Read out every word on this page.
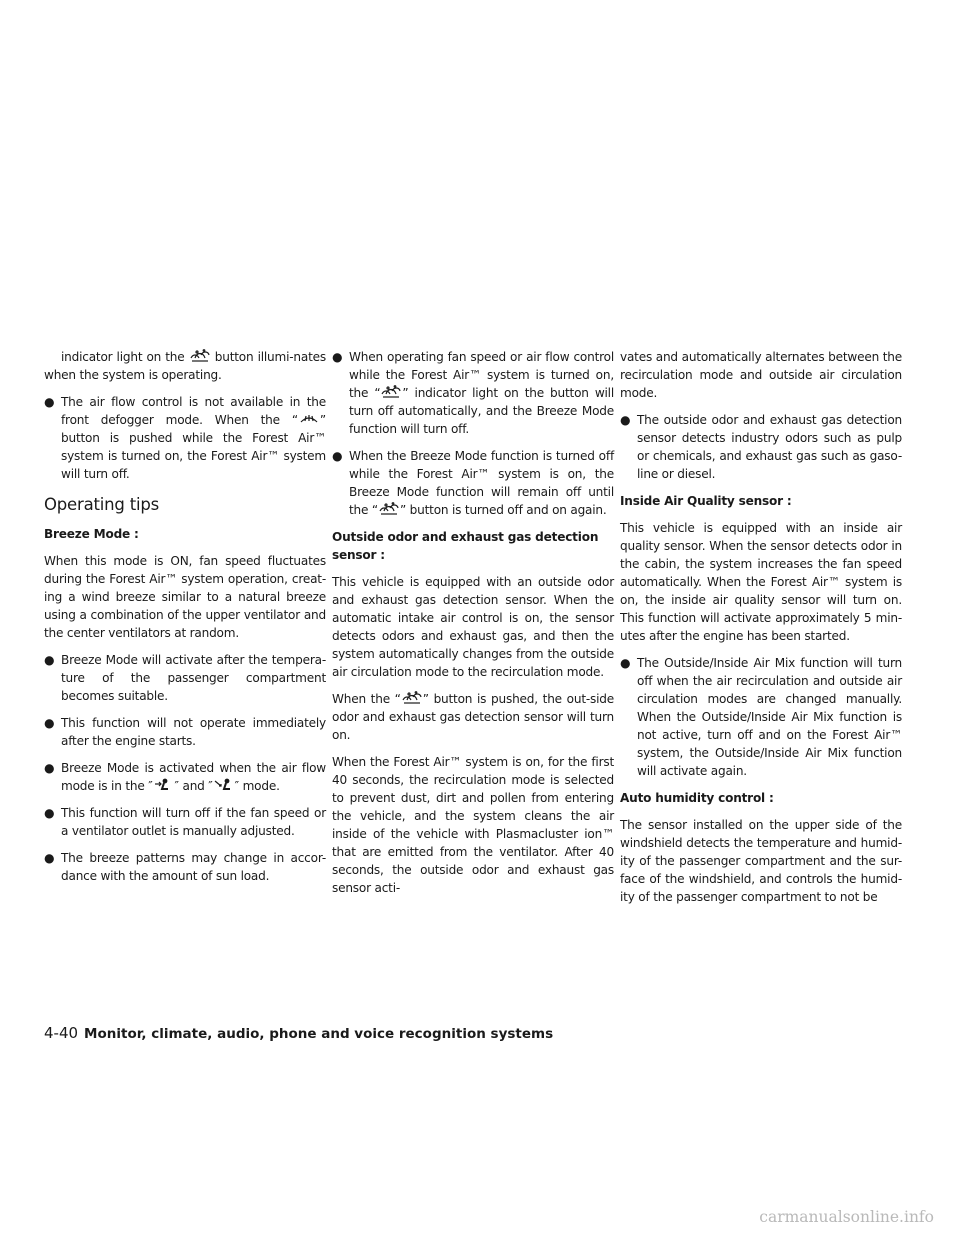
indicator light on the	button illumi-nates when the system is operating.

● The air flow control is not available in the front defogger mode. When the “ ” button is pushed while the Forest Air™ system is turned on, the Forest Air™ system will turn off.
Operating tips
Breeze Mode :

When this mode is ON, fan speed fluctuates during the Forest Air™ system operation, creat-ing a wind breeze similar to a natural breeze using a combination of the upper ventilator and the center ventilators at random.

● Breeze Mode will activate after the tempera-ture of the passenger compartment becomes suitable.
● This function will not operate immediately after the engine starts.
● Breeze Mode is activated when the air flow mode is in the ″ ″ and ″ ″ mode.
● This function will turn off if the fan speed or a ventilator outlet is manually adjusted.
● The breeze patterns may change in accor-dance with the amount of sun load.
● When operating fan speed or air flow control while the Forest Air™ system is turned on, the “ ” indicator light on the button will turn off automatically, and the Breeze Mode function will turn off.
● When the Breeze Mode function is turned off while the Forest Air™ system is on, the Breeze Mode function will remain off until the “ ” button is turned off and on again.
Outside odor and exhaust gas detection sensor :

This vehicle is equipped with an outside odor and exhaust gas detection sensor. When the automatic intake air control is on, the sensor detects odors and exhaust gas, and then the system automatically changes from the outside air circulation mode to the recirculation mode.

When the “ ” button is pushed, the out-side odor and exhaust gas detection sensor will turn on.

When the Forest Air™ system is on, for the first 40 seconds, the recirculation mode is selected to prevent dust, dirt and pollen from entering the vehicle, and the system cleans the air inside of the vehicle with Plasmacluster ion™ that are emitted from the ventilator. After 40 seconds, the outside odor and exhaust gas sensor acti-

vates and automatically alternates between the recirculation mode and outside air circulation mode.

● The outside odor and exhaust gas detection sensor detects industry odors such as pulp or chemicals, and exhaust gas such as gaso-line or diesel.
Inside Air Quality sensor :

This vehicle is equipped with an inside air quality sensor. When the sensor detects odor in the cabin, the system increases the fan speed automatically. When the Forest Air™ system is on, the inside air quality sensor will turn on. This function will activate approximately 5 min-utes after the engine has been started.

● The Outside/Inside Air Mix function will turn off when the air recirculation and outside air circulation modes are changed manually. When the Outside/Inside Air Mix function is not active, turn off and on the Forest Air™ system, the Outside/Inside Air Mix function will activate again.
Auto humidity control :

The sensor installed on the upper side of the windshield detects the temperature and humid-ity of the passenger compartment and the sur-face of the windshield, and controls the humid-ity of the passenger compartment to not be

4-40 Monitor, climate, audio, phone and voice recognition systems
carmanualsonline.info
